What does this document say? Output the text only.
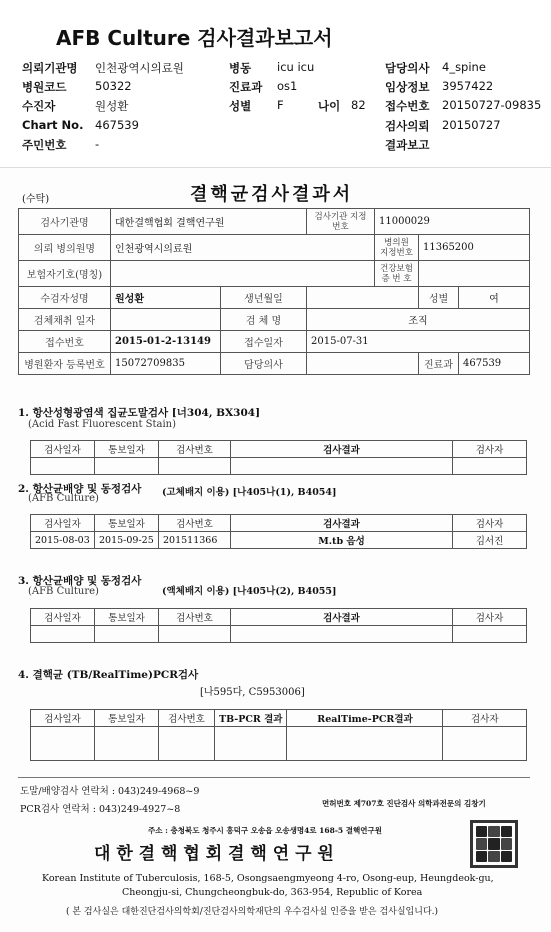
AFB Culture 검사결과보고서
의뢰기관명 인천광역시의료원
병원코드 50322
수진자	원성환
Chart No. 467539
주민번호 -
병동 icu icu
진료과 os1
성별 F	나이 82
담당의사 4_spine
임상정보 3957422
접수번호 20150727-09835
검사의뢰 20150727
결과보고
(수탁)	결핵균검사결과서
검사기관명	대한결핵협회 결핵연구원		검사기관 지정번호	11000029		
의뢰 병의원명	인천광역시의료원			병의원 지정번호	11365200	
보험자기호(명칭)				건강보험 증 번 호		
수검자성명	원성환	생년월일			성별	여
검체채취 일자		검 체 명	조직			
접수번호	2015-01-2-13149	접수일자	2015-07-31			
병원환자 등록번호	15072709835	담당의사			진료과	467539
1. 항산성형광염색 집균도말검사 [너304, BX304]
(Acid Fast Fluorescent Stain)
검사일자	통보일자	검사번호	검사결과	검사자

2. 항산균배양 및 동정검사 (고체배지 이용) [나405나(1), B4054]
(AFB Culture)
검사일자	통보일자	검사번호	검사결과	검사자
2015-08-03	2015-09-25	201511366	M.tb 음성	김서진
3. 항산균배양 및 동정검사
(액체배지 이용) [나405나(2), B4055]
(AFB Culture)
검사일자	통보일자	검사번호	검사결과	검사자

4. 결핵균 (TB/RealTime)PCR검사
[나595다, C5953006]
검사일자	통보일자	검사번호	TB-PCR 결과	RealTime-PCR결과	검사자

도말/배양검사 연락처 : 043)249-4968~9
PCR검사 연락처 : 043)249-4927~8
면허번호 제707호 진단검사 의학과전문의 김창기
주소 : 충청북도 청주시 흥덕구 오송읍 오송생명4로 168-5 결핵연구원
대 한 결 핵 협 회 결 핵 연 구 원
Korean Institute of Tuberculosis, 168-5, Osongsaengmyeong 4-ro, Osong-eup, Heungdeok-gu,
Cheongju-si, Chungcheongbuk-do, 363-954, Republic of Korea
( 본 검사실은 대한진단검사의학회/진단검사의학재단의 우수검사실 인증을 받은 검사실입니다.)
